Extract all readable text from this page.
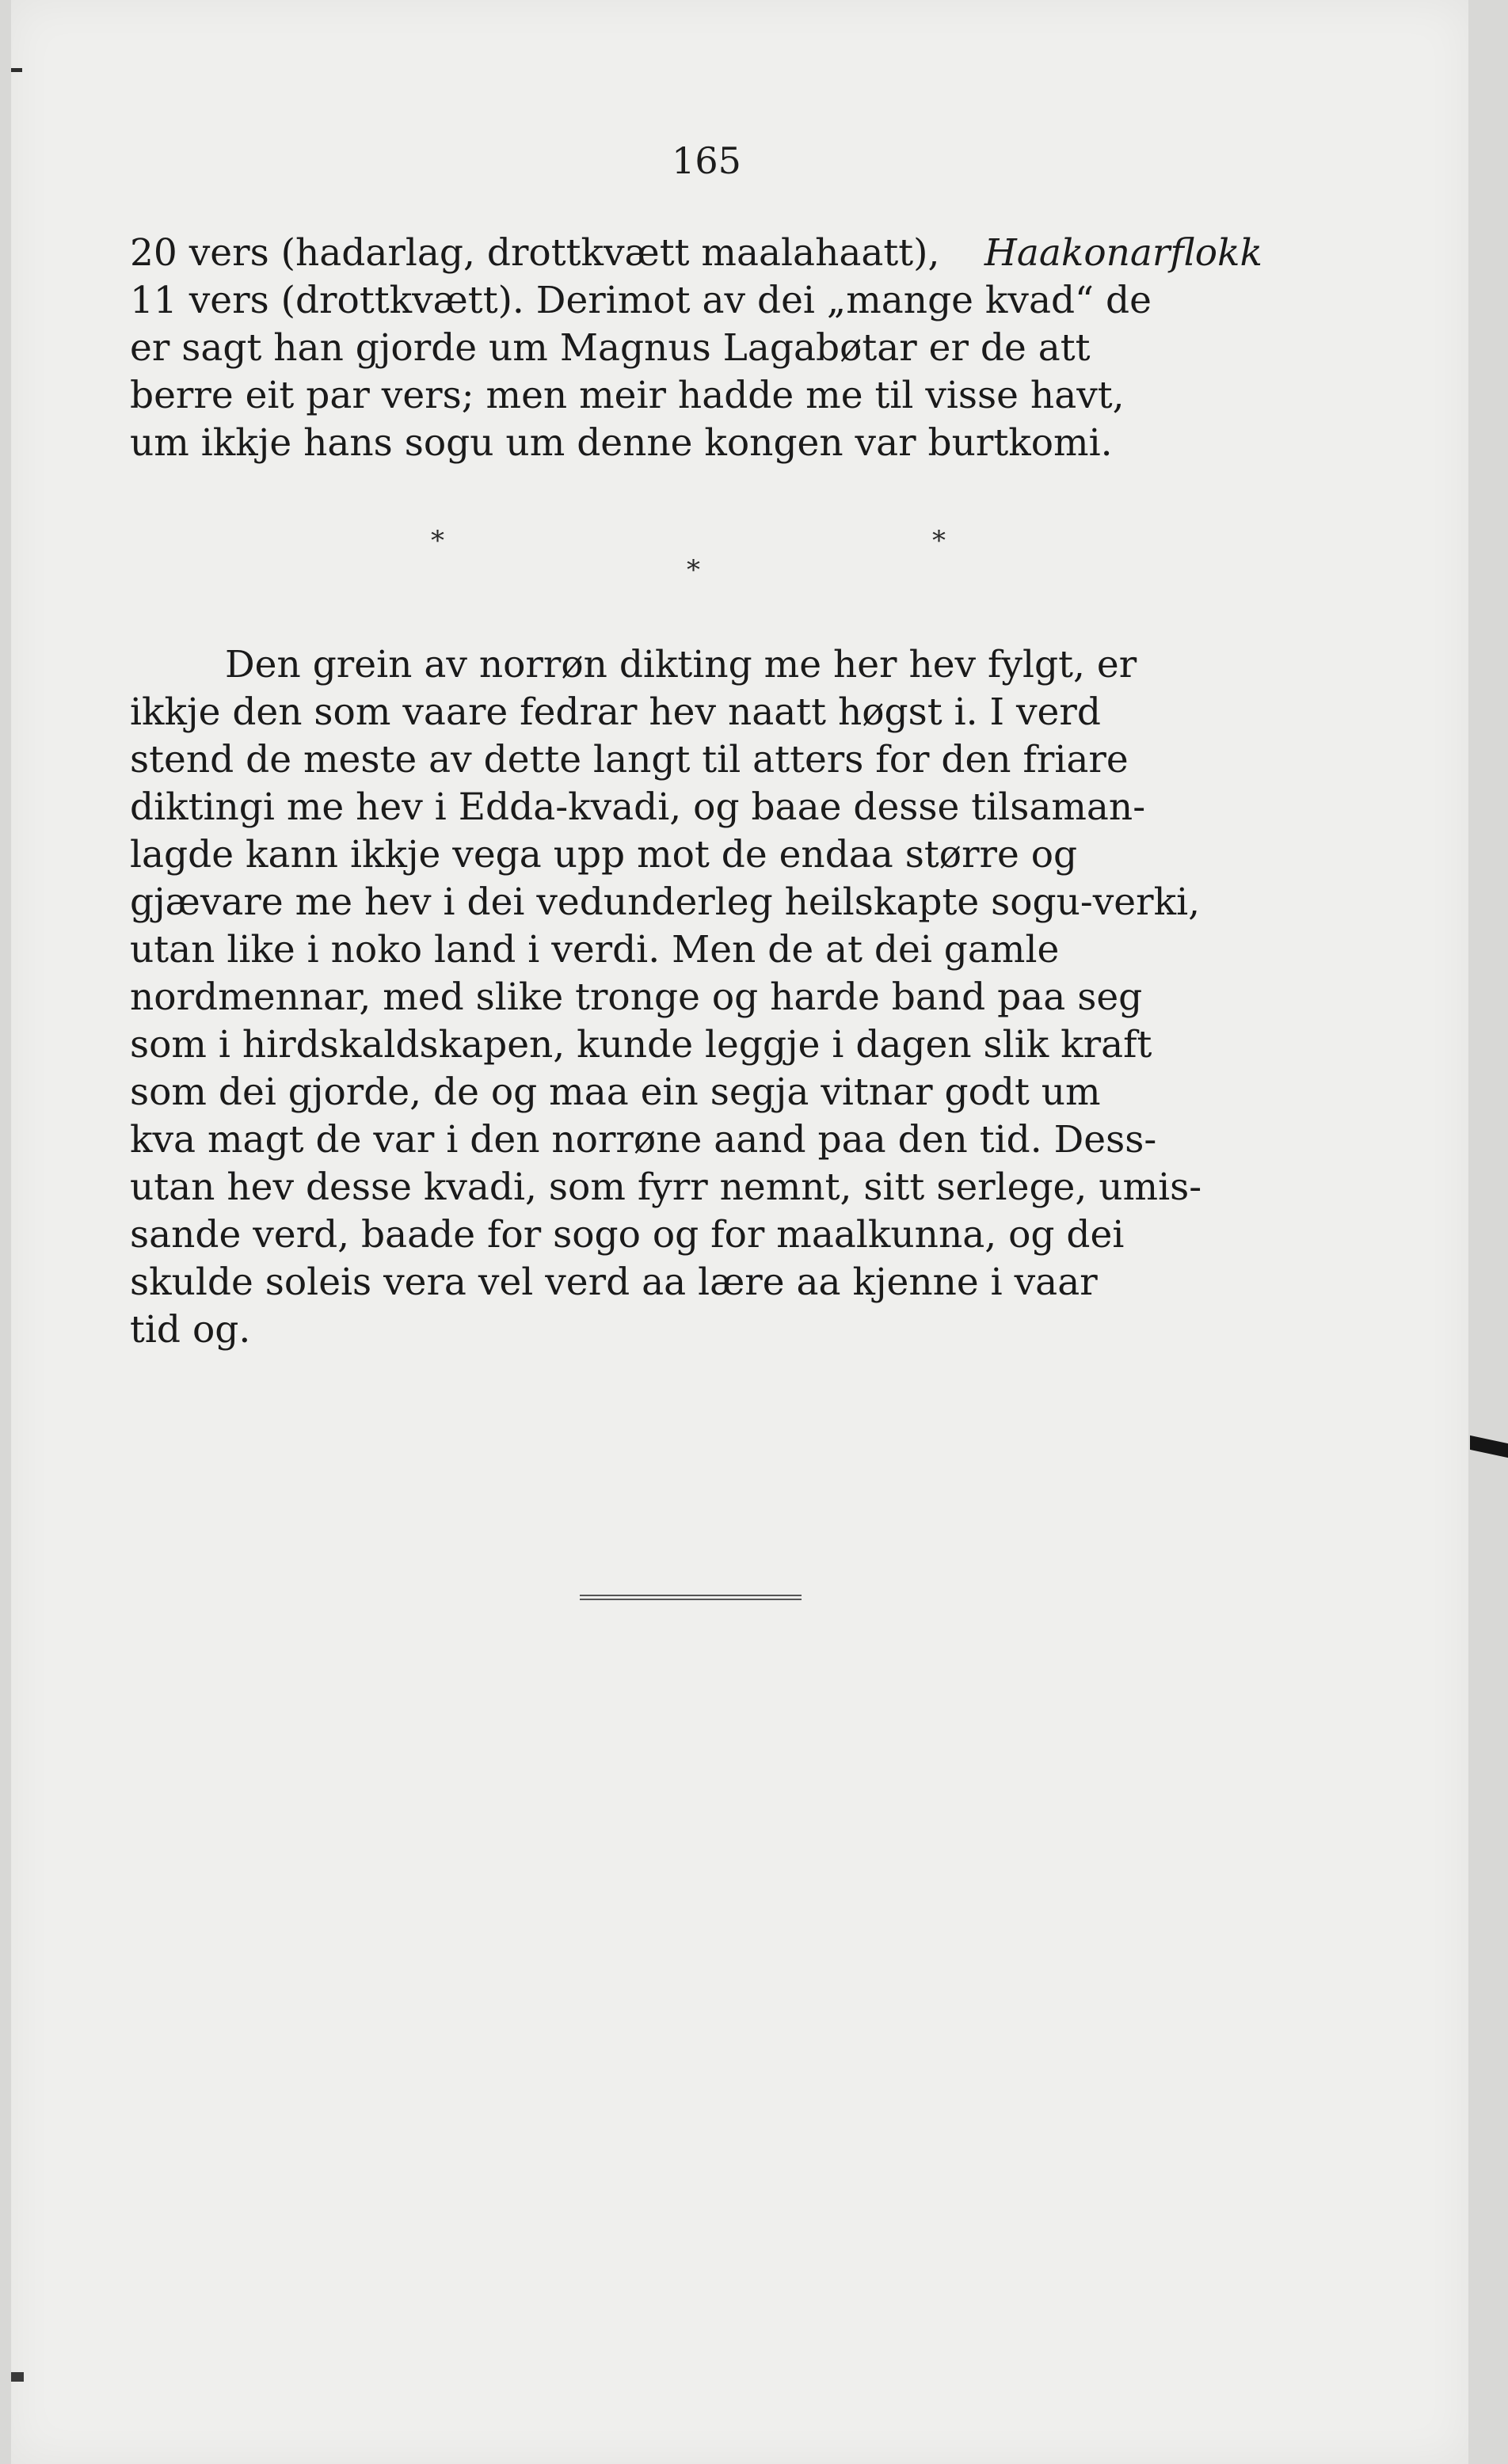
165
20 vers (hadarlag, drottkvætt maalahaatt), Haakonarflokk
11 vers (drottkvætt). Derimot av dei „mange kvad“ de
er sagt han gjorde um Magnus Lagabøtar er de att
berre eit par vers; men meir hadde me til visse havt,
um ikkje hans sogu um denne kongen var burtkomi.
*
*
*
Den grein av norrøn dikting me her hev fylgt, er
ikkje den som vaare fedrar hev naatt høgst i. I verd
stend de meste av dette langt til atters for den friare
diktingi me hev i Edda-kvadi, og baae desse tilsaman-
lagde kann ikkje vega upp mot de endaa større og
gjævare me hev i dei vedunderleg heilskapte sogu-verki,
utan like i noko land i verdi. Men de at dei gamle
nordmennar, med slike tronge og harde band paa seg
som i hirdskaldskapen, kunde leggje i dagen slik kraft
som dei gjorde, de og maa ein segja vitnar godt um
kva magt de var i den norrøne aand paa den tid. Dess-
utan hev desse kvadi, som fyrr nemnt, sitt serlege, umis-
sande verd, baade for sogo og for maalkunna, og dei
skulde soleis vera vel verd aa lære aa kjenne i vaar
tid og.
